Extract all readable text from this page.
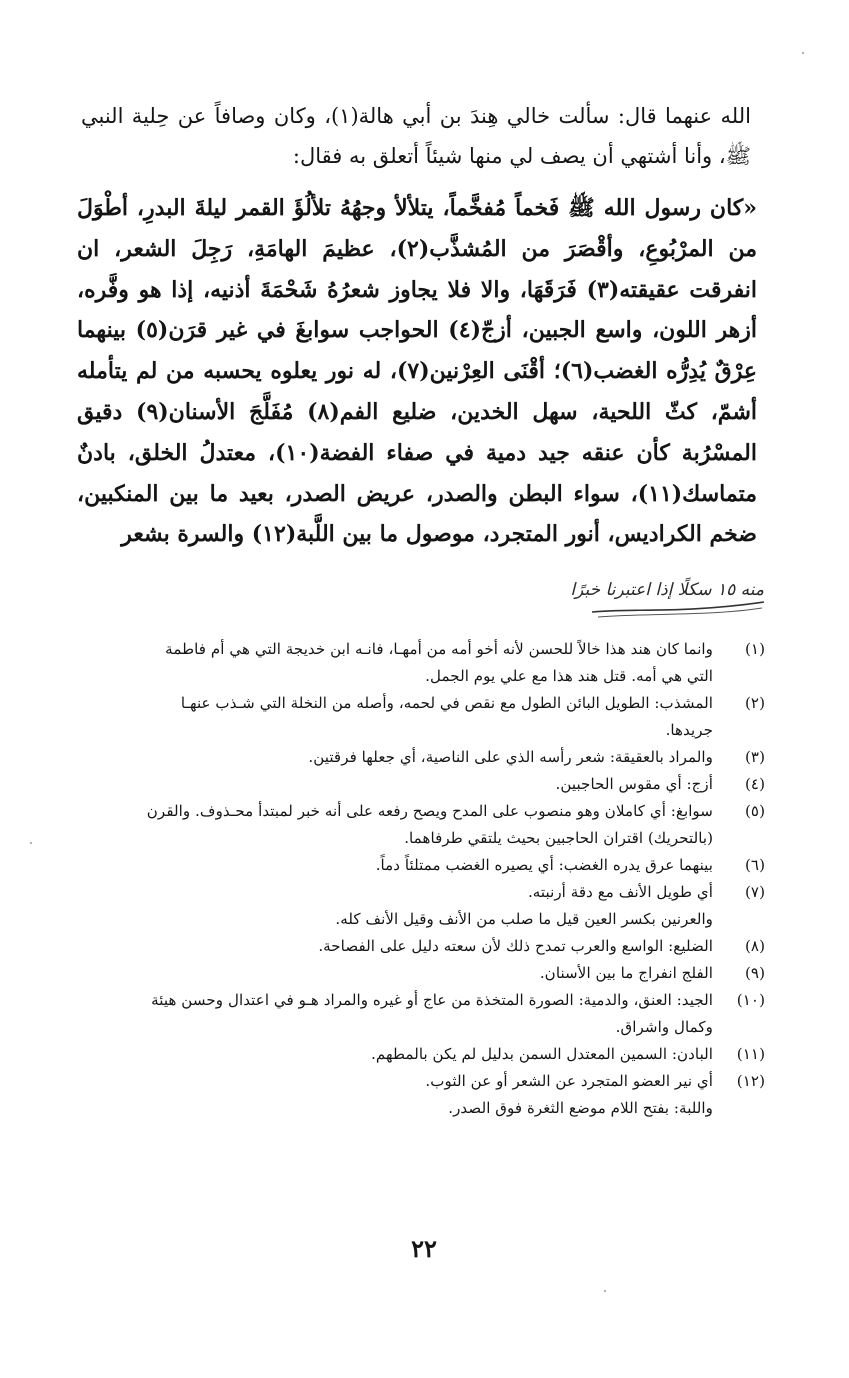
الله عنهما قال: سألت خالي هِندَ بن أبي هالة(١)، وكان وصافاً عن حِلية النبي ﷺ، وأنا أشتهي أن يصف لي منها شيئاً أتعلق به فقال:

«كان رسول الله ﷺ فَخماً مُفخَّماً، يتلألأ وجهُهُ تلألُؤَ القمر ليلةَ البدرِ، أطْوَلَ من المرْبُوعِ، وأقْصَرَ من المُشذَّب(٢)، عظيمَ الهامَةِ، رَجِلَ الشعر، ان انفرقت عقيقته(٣) فَرَقَهَا، والا فلا يجاوز شعرُهُ شَحْمَةَ أذنيه، إذا هو وفَّره، أزهر اللون، واسع الجبين، أزجّ(٤) الحواجب سوابغَ في غير قرَن(٥) بينهما عِرْقٌ يُدِرُّه الغضب(٦)؛ أقْنَى العِرْنين(٧)، له نور يعلوه يحسبه من لم يتأمله أشمّ، كثّ اللحية، سهل الخدين، ضليع الفم(٨) مُفَلَّجَ الأسنان(٩) دقيق المسْرُبة كأن عنقه جيد دمية في صفاء الفضة(١٠)، معتدلُ الخلق، بادنٌ متماسك(١١)، سواء البطن والصدر، عريض الصدر، بعيد ما بين المنكبين، ضخم الكراديس، أنور المتجرد، موصول ما بين اللَّبة(١٢) والسرة بشعر

منه ١٥ سكلًا إذا اعتبرنا خبرًا
(١)
وانما كان هند هذا خالاً للحسن لأنه أخو أمه من أمهـا، فانـه ابن خديجة التي هي أم فاطمة
التي هي أمه. قتل هند هذا مع علي يوم الجمل.
(٢)
المشذب: الطويل البائن الطول مع نقص في لحمه، وأصله من النخلة التي شـذب عنهـا
جريدها.
(٣)
والمراد بالعقيقة: شعر رأسه الذي على الناصية، أي جعلها فرقتين.
(٤)
أزج: أي مقوس الحاجبين.
(٥)
سوابغ: أي كاملان وهو منصوب على المدح ويصح رفعه على أنه خبر لمبتدأ محـذوف. والقرن
(بالتحريك) اقتران الحاجبين بحيث يلتقي طرفاهما.
(٦)
بينهما عرق يدره الغضب: أي يصيره الغضب ممتلئاً دماً.
(٧)
أي طويل الأنف مع دقة أرنبته.
والعرنين بكسر العين قيل ما صلب من الأنف وقيل الأنف كله.
(٨)
الضليع: الواسع والعرب تمدح ذلك لأن سعته دليل على الفصاحة.
(٩)
الفلج انفراج ما بين الأسنان.
(١٠)
الجيد: العنق، والدمية: الصورة المتخذة من عاج أو غيره والمراد هـو في اعتدال وحسن هيئة
وكمال واشراق.
(١١)
البادن: السمين المعتدل السمن بدليل لم يكن بالمطهم.
(١٢)
أي نير العضو المتجرد عن الشعر أو عن الثوب.
واللبة: بفتح اللام موضع الثغرة فوق الصدر.
٢٢
